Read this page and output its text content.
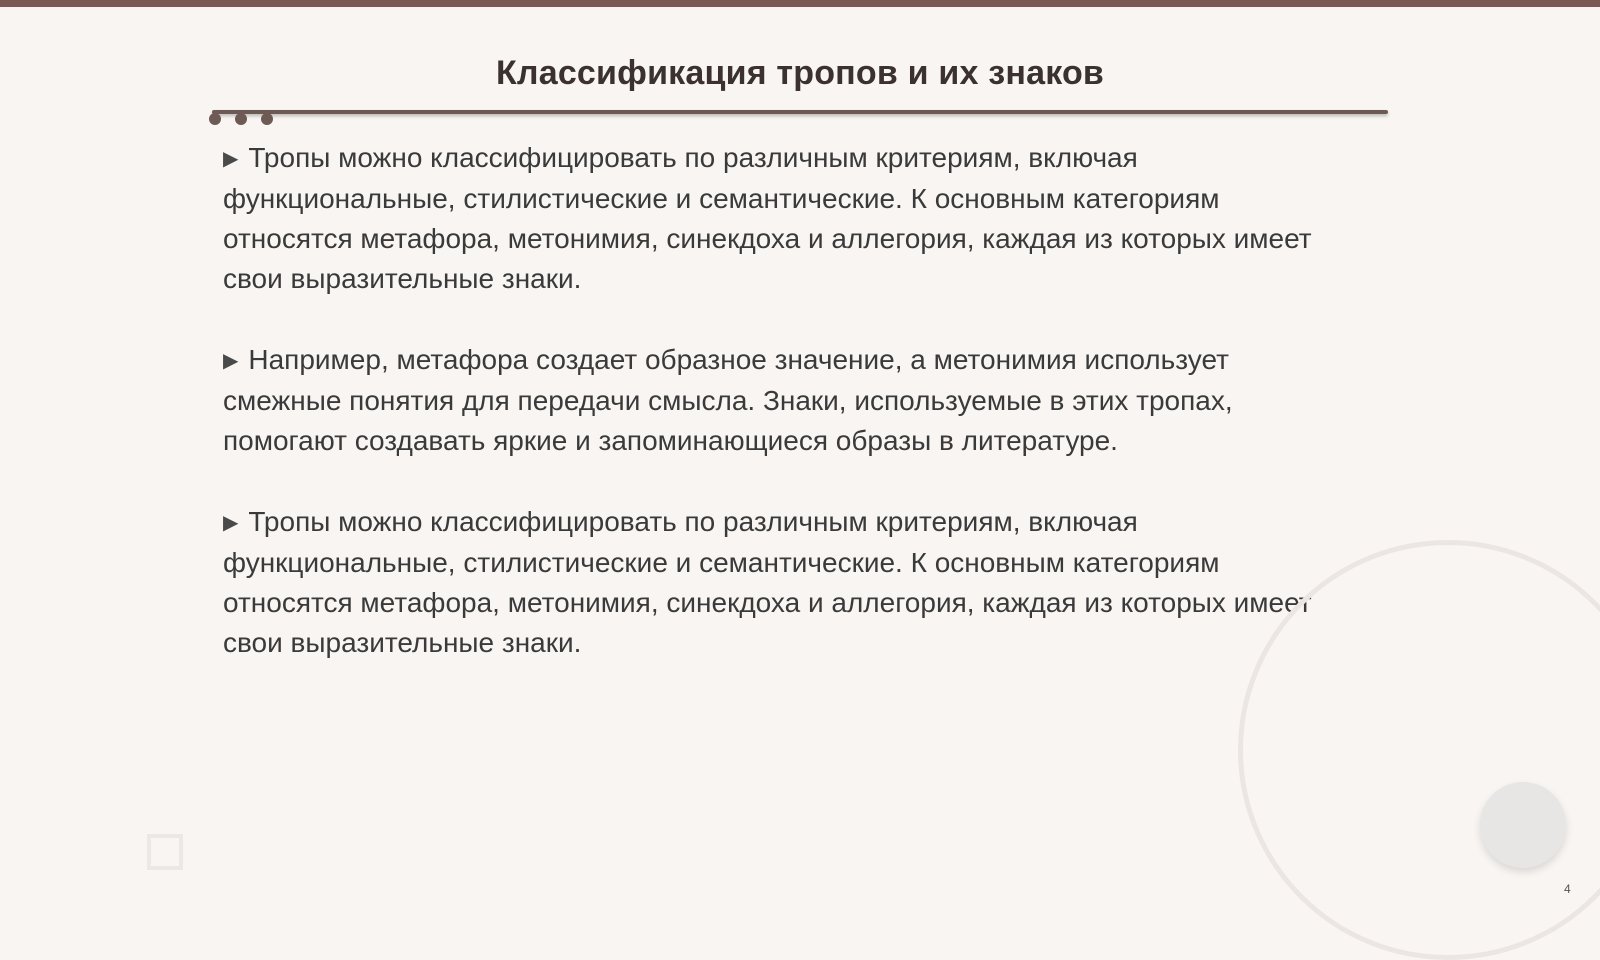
Классификация тропов и их знаков

▶ Тропы можно классифицировать по различным критериям, включая функциональные, стилистические и семантические. К основным категориям относятся метафора, метонимия, синекдоха и аллегория, каждая из которых имеет свои выразительные знаки.

▶ Например, метафора создает образное значение, а метонимия использует смежные понятия для передачи смысла. Знаки, используемые в этих тропах, помогают создавать яркие и запоминающиеся образы в литературе.

▶ Тропы можно классифицировать по различным критериям, включая функциональные, стилистические и семантические. К основным категориям относятся метафора, метонимия, синекдоха и аллегория, каждая из которых имеет свои выразительные знаки.

4
